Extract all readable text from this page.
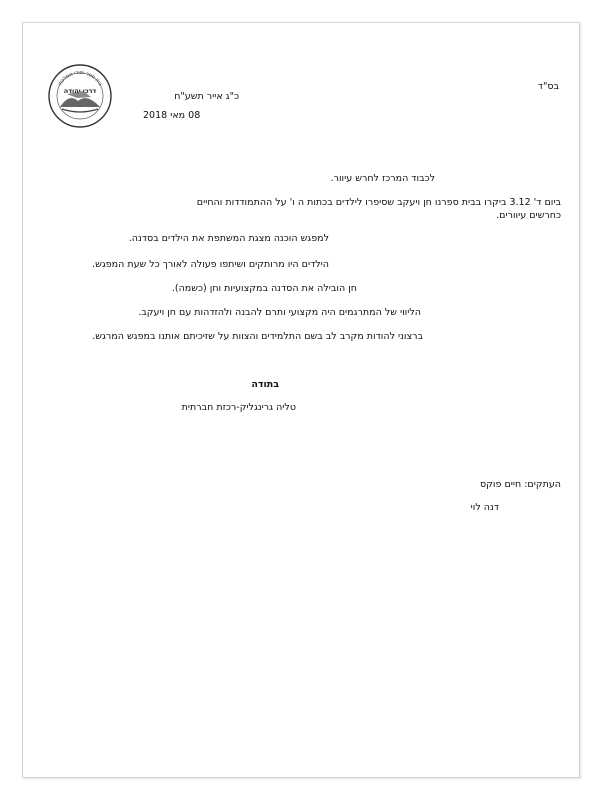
בית ספר יסודי ממלכתי
דרכי יהודה	בס"ד
כ"ג אייר תשע"ח
08 מאי 2018
לכבוד המרכז לחרש עיוור.
ביום ד' 3.12 ביקרו בבית ספרנו חן ויעקב שסיפרו לילדים בכתות ה ו' על ההתמודדות והחיים
כחרשים עיוורים.
למפגש הוכנה מצגת המשתפת את הילדים בסדנה.
הילדים היו מרותקים ושיתפו פעולה לאורך כל שעת המפגש.
חן הובילה את הסדנה במקצועיות וחן (כשמה).
הליווי של המתרגמים היה מקצועי ותרם להבנה ולהזדהות עם חן ויעקב.
ברצוני להודות מקרב לב בשם התלמידים והצוות על שזיכיתם אותנו במפגש המרגש.
בתודה
טליה גרינגליק-רכזת חברתית
העתקים: חיים פוקס
דנה לוי
